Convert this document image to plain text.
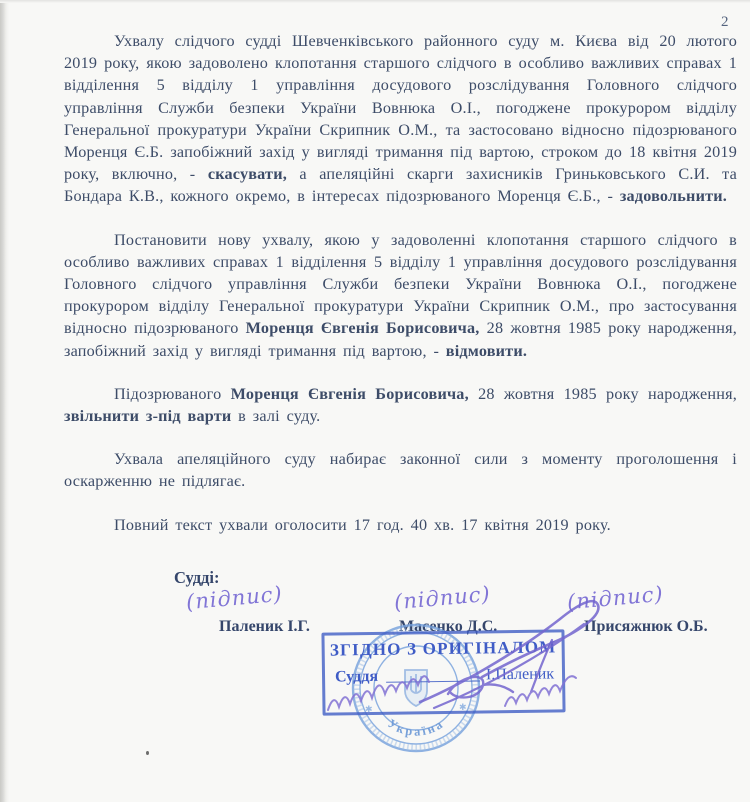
2

Ухвалу слідчого судді Шевченківського районного суду м. Києва від 20 лютого 2019 року, якою задоволено клопотання старшого слідчого в особливо важливих справах 1 відділення 5 відділу 1 управління досудового розслідування Головного слідчого управління Служби безпеки України Вовнюка О.І., погоджене прокурором відділу Генеральної прокуратури України Скрипник О.М., та застосовано відносно підозрюваного Моренця Є.Б. запобіжний захід у вигляді тримання під вартою, строком до 18 квітня 2019 року, включно, - скасувати, а апеляційні скарги захисників Гриньковського С.И. та Бондара К.В., кожного окремо, в інтересах підозрюваного Моренця Є.Б., - задовольнити.

Постановити нову ухвалу, якою у задоволенні клопотання старшого слідчого в особливо важливих справах 1 відділення 5 відділу 1 управління досудового розслідування Головного слідчого управління Служби безпеки України Вовнюка О.І., погоджене прокурором відділу Генеральної прокуратури України Скрипник О.М., про застосування відносно підозрюваного Моренця Євгенія Борисовича, 28 жовтня 1985 року народження, запобіжний захід у вигляді тримання під вартою, - відмовити.

Підозрюваного Моренця Євгенія Борисовича, 28 жовтня 1985 року народження, звільнити з-під варти в залі суду.

Ухвала апеляційного суду набирає законної сили з моменту проголошення і оскарженню не підлягає.

Повний текст ухвали оголосити 17 год. 40 хв. 17 квітня 2019 року.

Судді:
(підпис)	(підпис)	(підпис)
Паленик І.Г.	Масенко Д.С.	Присяжнюк О.Б.
✱	✱
Україна
ЗГІДНО З ОРИГІНАЛОМ
Суддя	І.Паленик
